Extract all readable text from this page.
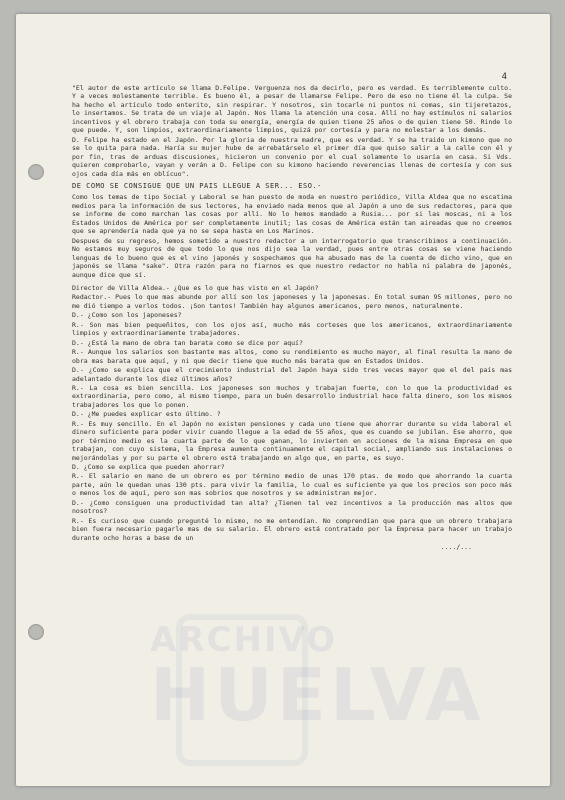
4

"El autor de este artículo se llama D.Felipe. Verguenza nos da decirlo, pero es verdad. Es terriblemente culto. Y a veces molestamente terrible. Es bueno él, a pesar de llamarse Felipe. Pero de eso no tiene él la culpa. Se ha hecho el artículo todo enterito, sin respirar. Y nosotros, sin tocarle ni puntos ni comas, sin tijeretazos, lo insertamos. Se trata de un viaje al Japón. Nos llama la atención una cosa. Allí no hay estímulos ni salarios incentivos y el obrero trabaja con toda su energía, energía de quien tiene 25 años o de quien tiene 50. Rinde lo que puede. Y, son limpios, extraordinariamente limpios, quizá por cortesía y para no molestar a los demás.

D. Felipe ha estado en el Japón. Por la gloria de nuestra madre, que es verdad. Y se ha traido un kimono que no se lo quita para nada. Haría su mujer hube de arrebatárselo el primer día que quiso salir a la calle con él y por fin, tras de arduas discusiones, hicieron un convenio por el cual solamente lo usaría en casa. Si Vds. quieren comprobarlo, vayan y verán a D. Felipe con su kimono haciendo reverencias llenas de cortesía y con sus ojos cada día más en oblícuo".

DE COMO SE CONSIGUE QUE UN PAIS LLEGUE A SER... ESO.-

Como los temas de tipo Social y Laboral se han puesto de moda en nuestro periódico, Villa Aldea que no escatima medios para la información de sus lectores, ha enviado nada menos que al Japón a uno de sus redactores, para que se informe de como marchan las cosas por allí. No lo hemos mandado a Rusia... por si las moscas, ni a los Estados Unidos de América por ser completamente inutil; las cosas de América están tan aireadas que no creemos que se aprendería nada que ya no se sepa hasta en Los Marinos.

Despues de su regreso, hemos sometido a nuestro redactor a un interrogatorio que transcribimos a continuación. No estamos muy seguros de que todo lo que nos dijo sea la verdad, pues entre otras cosas se viene haciendo lenguas de lo bueno que es el vino japonés y sospechamos que ha abusado mas de la cuenta de dicho vino, que en japonés se llama "sake". Otra razón para no fiarnos es que nuestro redactor no habla ni palabra de japonés, aunque dice que sí.

Director de Villa Aldea.- ¿Que es lo que has visto en el Japón?

Redactor.- Pues lo que mas abunde por allí son los japoneses y la japonesas. En total suman 95 millones, pero no me dió tiempo a verlos todos. ¡Son tantos! También hay algunos americanos, pero menos, naturalmente.

D.- ¿Como son los japoneses?

R.- Son mas bien pequeñitos, con los ojos así, mucho más corteses que los americanos, extraordinariamente limpios y extraordinariamente trabajadores.

D.- ¿Está la mano de obra tan barata como se dice por aquí?

R.- Aunque los salarios son bastante mas altos, como su rendimiento es mucho mayor, al final resulta la mano de obra mas barata que aquí, y ni que decir tiene que mucho más barata que en Estados Unidos.

D.- ¿Como se explica que el crecimiento industrial del Japón haya sido tres veces mayor que el del país mas adelantado durante los diez últimos años?

R.- La cosa es bien sencilla. Los japoneses son muchos y trabajan fuerte, con lo que la productividad es extraordinaria, pero como, al mismo tiempo, para un buén desarrollo industrial hace falta dinero, son los mismos trabajadores los que lo ponen.

D.- ¿Me puedes explicar esto último. ?

R.- Es muy sencillo. En el Japón no existen pensiones y cada uno tiene que ahorrar durante su vida laboral el dinero suficiente para poder vivir cuando llegue a la edad de 55 años, que es cuando se jubilan. Ese ahorro, que por término medio es la cuarta parte de lo que ganan, lo invierten en acciones de la misma Empresa en que trabajan, con cuyo sistema, la Empresa aumenta continuamente el capital social, ampliando sus instalaciones o mejorándolas y por su parte el obrero está trabajando en algo que, en parte, es suyo.

D. ¿Como se explica que pueden ahorrar?

R.- El salario en mano de un obrero es por término medio de unas 170 ptas. de modo que ahorrando la cuarta parte, aún le quedan unas 130 pts. para vivir la familia, lo cual es suficiente ya que los precios son poco más o menos los de aquí, pero son mas sobrios que nosotros y se administran mejor.

D.- ¿Como consiguen una productividad tan alta? ¿Tienen tal vez incentivos a la producción mas altos que nosotros?

R.- Es curioso que cuando pregunté lo mismo, no me entendían. No comprendían que para que un obrero trabajara bien fuera necesario pagarle mas de su salario. El obrero está contratado por la Empresa para hacer un trabajo durante ocho horas a base de un

..../...
